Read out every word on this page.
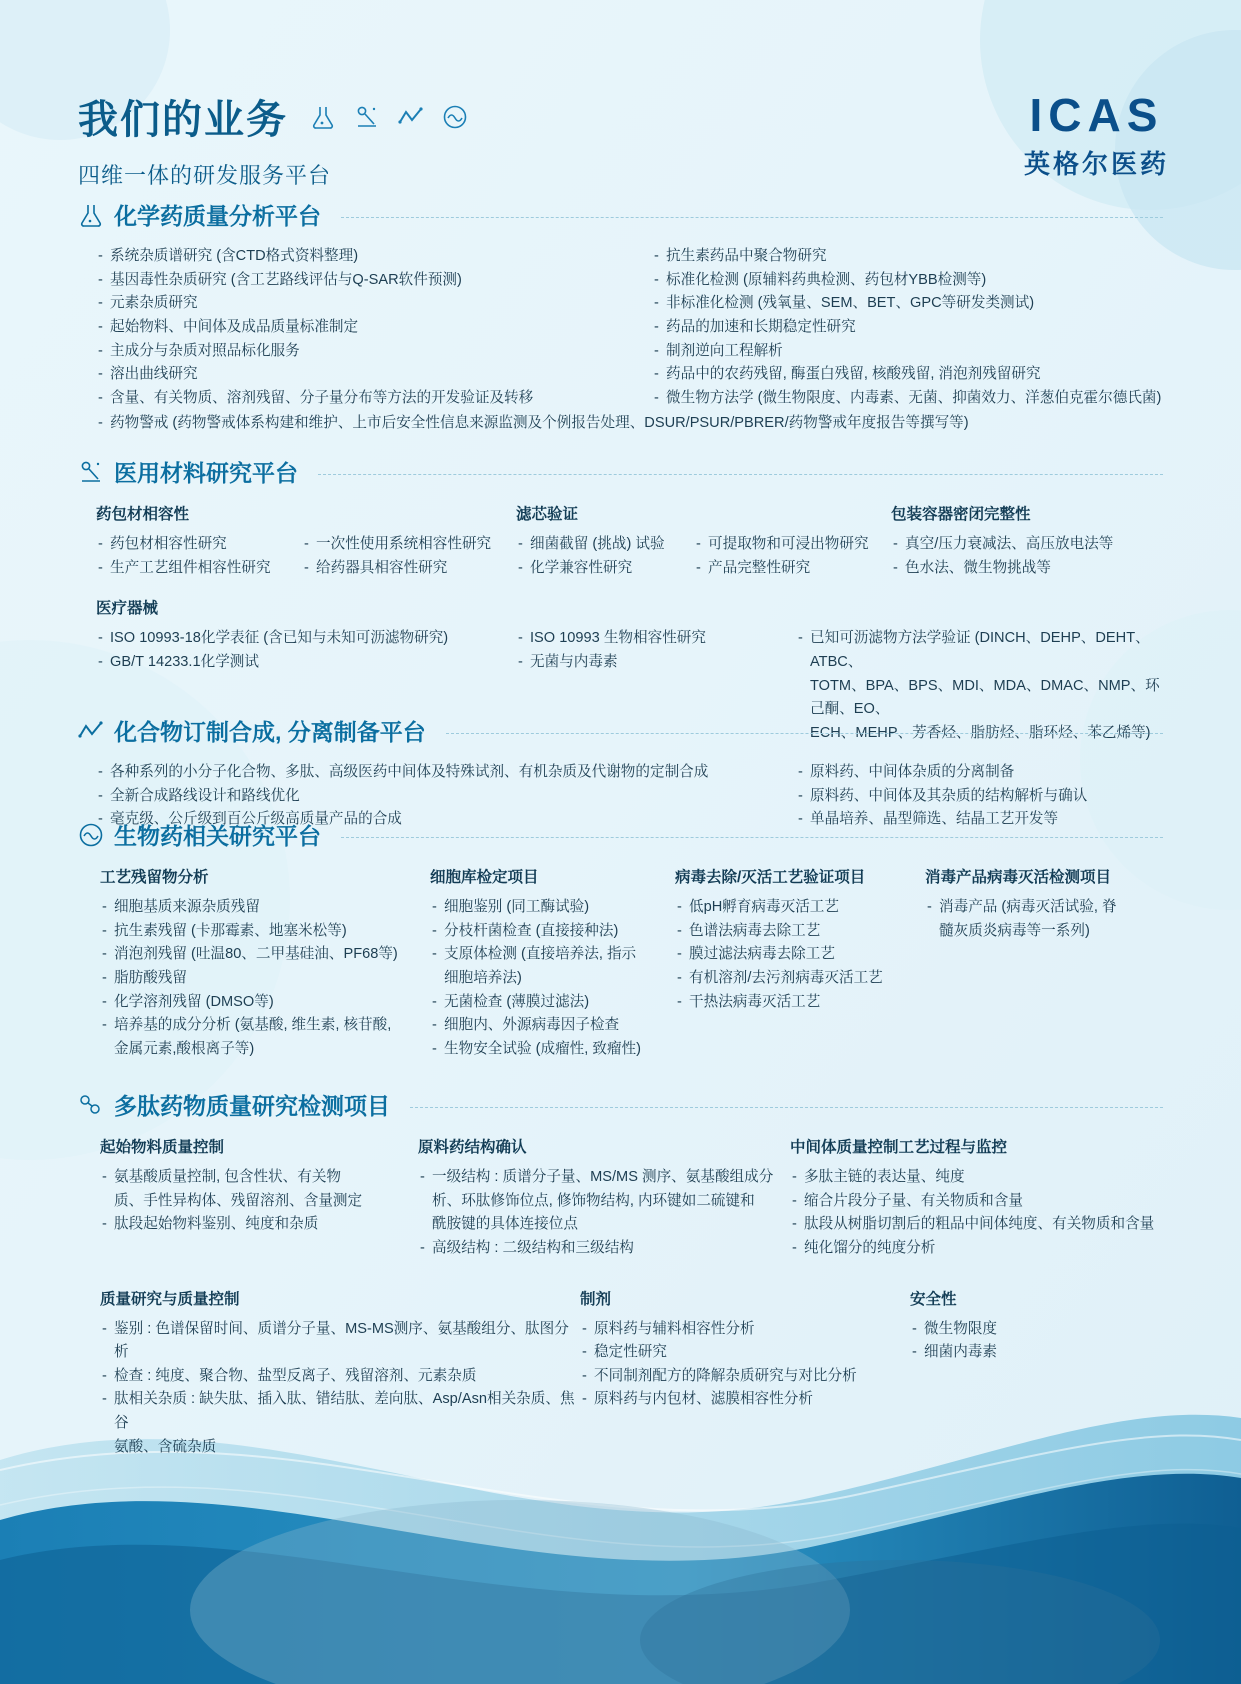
我们的业务
四维一体的研发服务平台
ICAS
英格尔医药
化学药质量分析平台
- 系统杂质谱研究 (含CTD格式资料整理)
- 基因毒性杂质研究 (含工艺路线评估与Q-SAR软件预测)
- 元素杂质研究
- 起始物料、中间体及成品质量标准制定
- 主成分与杂质对照品标化服务
- 溶出曲线研究
- 含量、有关物质、溶剂残留、分子量分布等方法的开发验证及转移
- 抗生素药品中聚合物研究
- 标准化检测 (原辅料药典检测、药包材YBB检测等)
- 非标准化检测 (残氧量、SEM、BET、GPC等研发类测试)
- 药品的加速和长期稳定性研究
- 制剂逆向工程解析
- 药品中的农药残留, 酶蛋白残留, 核酸残留, 消泡剂残留研究
- 微生物方法学 (微生物限度、内毒素、无菌、抑菌效力、洋葱伯克霍尔德氏菌)
- 药物警戒 (药物警戒体系构建和维护、上市后安全性信息来源监测及个例报告处理、DSUR/PSUR/PBRER/药物警戒年度报告等撰写等)
医用材料研究平台
药包材相容性
- 药包材相容性研究
- 生产工艺组件相容性研究
- 一次性使用系统相容性研究
- 给药器具相容性研究
滤芯验证
- 细菌截留 (挑战) 试验
- 化学兼容性研究
- 可提取物和可浸出物研究
- 产品完整性研究
包装容器密闭完整性
- 真空/压力衰减法、高压放电法等
- 色水法、微生物挑战等
医疗器械
- ISO 10993-18化学表征 (含已知与未知可沥滤物研究)
- GB/T 14233.1化学测试
- ISO 10993 生物相容性研究
- 无菌与内毒素
- 已知可沥滤物方法学验证 (DINCH、DEHP、DEHT、ATBC、
TOTM、BPA、BPS、MDI、MDA、DMAC、NMP、环己酮、EO、
ECH、MEHP、芳香烃、脂肪烃、脂环烃、苯乙烯等)
化合物订制合成, 分离制备平台
- 各种系列的小分子化合物、多肽、高级医药中间体及特殊试剂、有机杂质及代谢物的定制合成
- 全新合成路线设计和路线优化
- 毫克级、公斤级到百公斤级高质量产品的合成
- 原料药、中间体杂质的分离制备
- 原料药、中间体及其杂质的结构解析与确认
- 单晶培养、晶型筛选、结晶工艺开发等
生物药相关研究平台
工艺残留物分析
- 细胞基质来源杂质残留
- 抗生素残留 (卡那霉素、地塞米松等)
- 消泡剂残留 (吐温80、二甲基硅油、PF68等)
- 脂肪酸残留
- 化学溶剂残留 (DMSO等)
- 培养基的成分分析 (氨基酸, 维生素, 核苷酸,
金属元素,酸根离子等)
细胞库检定项目
- 细胞鉴别 (同工酶试验)
- 分枝杆菌检查 (直接接种法)
- 支原体检测 (直接培养法, 指示
细胞培养法)
- 无菌检查 (薄膜过滤法)
- 细胞内、外源病毒因子检查
- 生物安全试验 (成瘤性, 致瘤性)
病毒去除/灭活工艺验证项目
- 低pH孵育病毒灭活工艺
- 色谱法病毒去除工艺
- 膜过滤法病毒去除工艺
- 有机溶剂/去污剂病毒灭活工艺
- 干热法病毒灭活工艺
消毒产品病毒灭活检测项目
- 消毒产品 (病毒灭活试验, 脊
髓灰质炎病毒等一系列)
多肽药物质量研究检测项目
起始物料质量控制
- 氨基酸质量控制, 包含性状、有关物
质、手性异构体、残留溶剂、含量测定
- 肽段起始物料鉴别、纯度和杂质
原料药结构确认
- 一级结构 : 质谱分子量、MS/MS 测序、氨基酸组成分
析、环肽修饰位点, 修饰物结构, 内环键如二硫键和
酰胺键的具体连接位点
- 高级结构 : 二级结构和三级结构
中间体质量控制工艺过程与监控
- 多肽主链的表达量、纯度
- 缩合片段分子量、有关物质和含量
- 肽段从树脂切割后的粗品中间体纯度、有关物质和含量
- 纯化馏分的纯度分析
质量研究与质量控制
- 鉴别 : 色谱保留时间、质谱分子量、MS-MS测序、氨基酸组分、肽图分析
- 检查 : 纯度、聚合物、盐型反离子、残留溶剂、元素杂质
- 肽相关杂质 : 缺失肽、插入肽、错结肽、差向肽、Asp/Asn相关杂质、焦谷
氨酸、含硫杂质
制剂
- 原料药与辅料相容性分析
- 稳定性研究
- 不同制剂配方的降解杂质研究与对比分析
- 原料药与内包材、滤膜相容性分析
安全性
- 微生物限度
- 细菌内毒素
